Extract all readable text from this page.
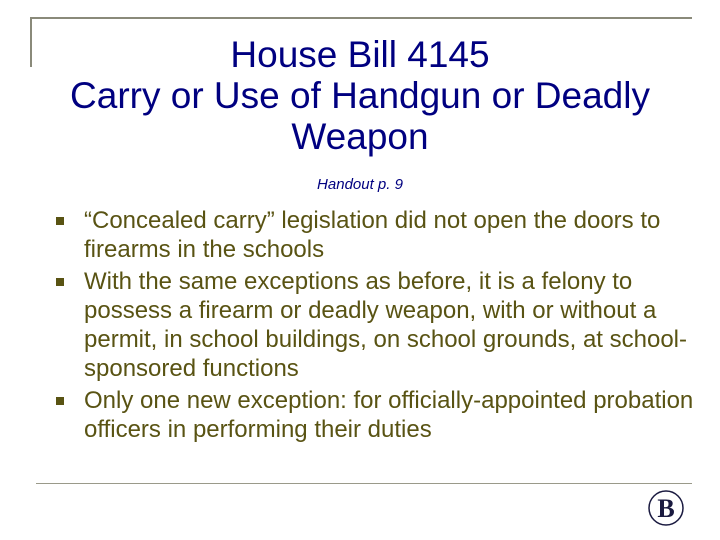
House Bill 4145
Carry or Use of Handgun or Deadly
Weapon
Handout p. 9
“Concealed carry” legislation did not open the doors to firearms in the schools
With the same exceptions as before, it is a felony to possess a firearm or deadly weapon, with or without a permit, in school buildings, on school grounds, at school-sponsored functions
Only one new exception: for officially-appointed probation officers in performing their duties
B
